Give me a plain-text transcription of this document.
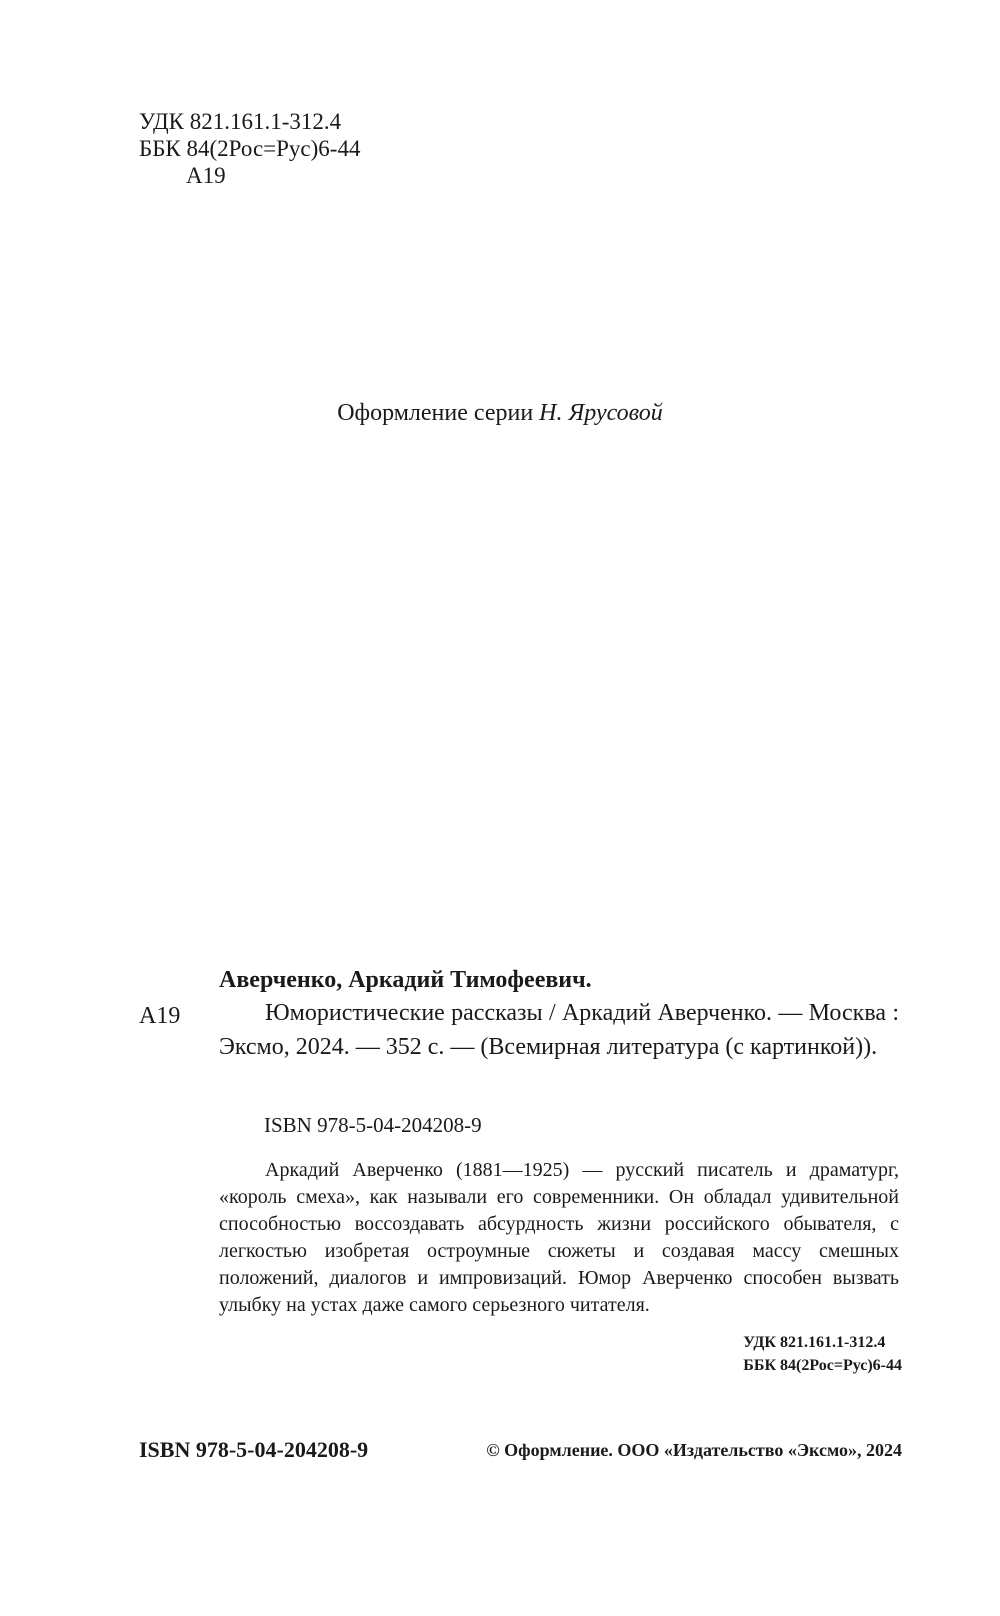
УДК 821.161.1-312.4
ББК 84(2Рос=Рус)6-44
А19
Оформление серии Н. Ярусовой
Аверченко, Аркадий Тимофеевич.
А19	Юмористические рассказы / Аркадий Аверченко. — Москва : Эксмо, 2024. — 352 с. — (Всемирная литература (с картинкой)).
ISBN 978-5-04-204208-9
Аркадий Аверченко (1881—1925) — русский писатель и драматург, «король смеха», как называли его современники. Он обладал удивительной способностью воссоздавать абсурдность жизни российского обывателя, с легкостью изобретая остроумные сюжеты и создавая массу смешных положений, диалогов и импровизаций. Юмор Аверченко способен вызвать улыбку на устах даже самого серьезного читателя.
УДК 821.161.1-312.4
ББК 84(2Рос=Рус)6-44
ISBN 978-5-04-204208-9	© Оформление. ООО «Издательство «Эксмо», 2024
